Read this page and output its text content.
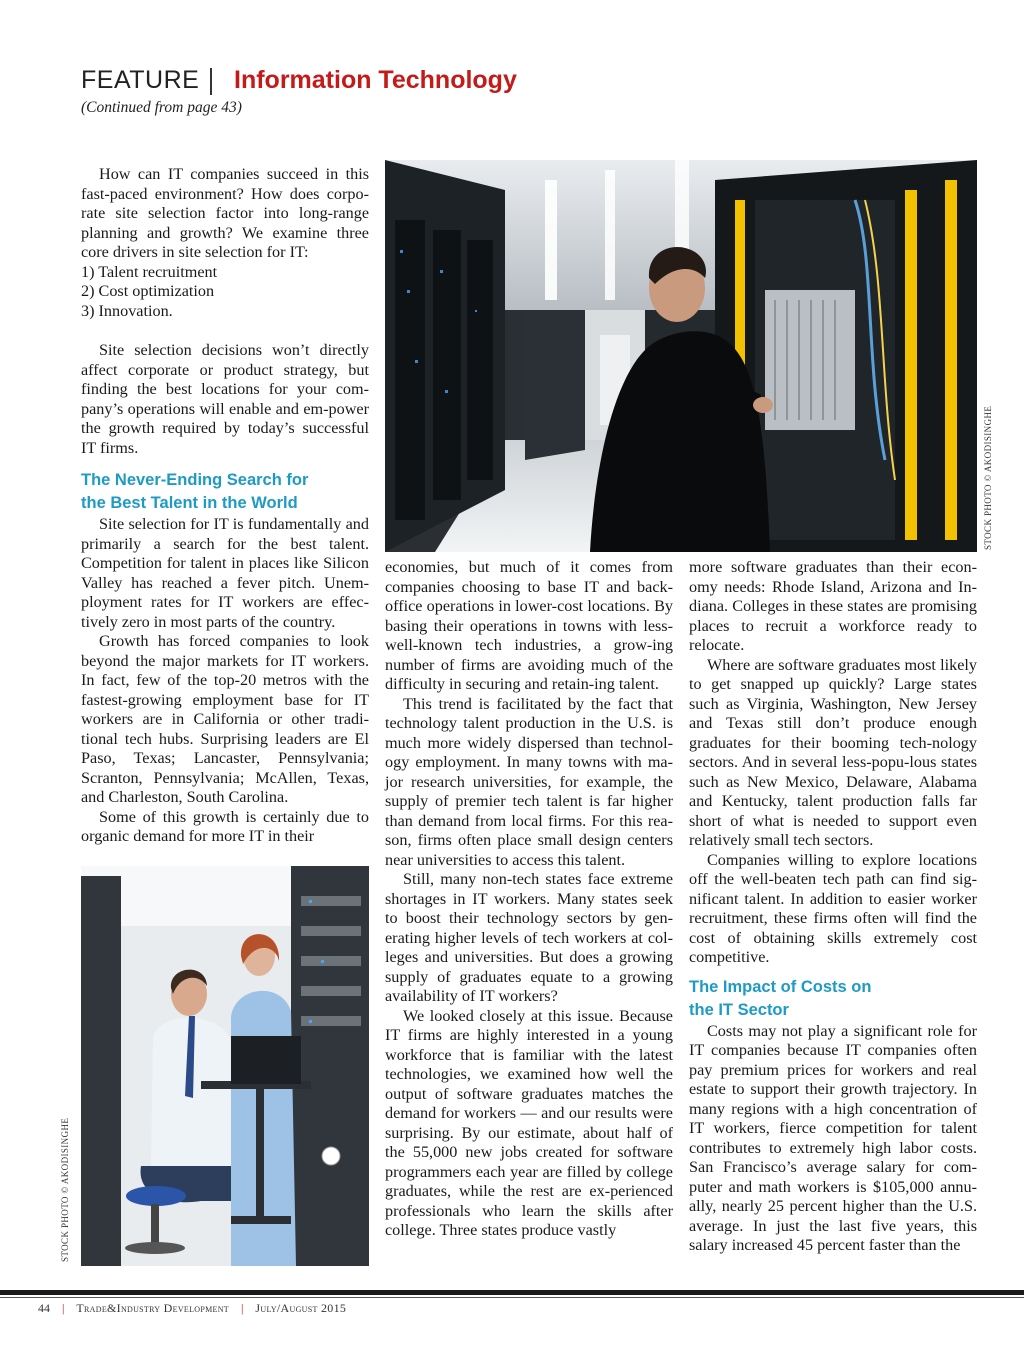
FEATURE Information Technology
(Continued from page 43)
STOCK PHOTO © AKODISINGHE
STOCK PHOTO © AKODISINGHE

How can IT companies succeed in this fast-paced environment? How does corpo-rate site selection factor into long-range planning and growth? We examine three core drivers in site selection for IT:

1) Talent recruitment

2) Cost optimization

3) Innovation.

Site selection decisions won’t directly affect corporate or product strategy, but finding the best locations for your com-pany’s operations will enable and em-power the growth required by today’s successful IT firms.

The Never-Ending Search for
the Best Talent in the World

Site selection for IT is fundamentally and primarily a search for the best talent. Competition for talent in places like Silicon Valley has reached a fever pitch. Unem-ployment rates for IT workers are effec-tively zero in most parts of the country.

Growth has forced companies to look beyond the major markets for IT workers. In fact, few of the top-20 metros with the fastest-growing employment base for IT workers are in California or other tradi-tional tech hubs. Surprising leaders are El Paso, Texas; Lancaster, Pennsylvania; Scranton, Pennsylvania; McAllen, Texas, and Charleston, South Carolina.

Some of this growth is certainly due to organic demand for more IT in their

economies, but much of it comes from companies choosing to base IT and back-office operations in lower-cost locations. By basing their operations in towns with less-well-known tech industries, a grow-ing number of firms are avoiding much of the difficulty in securing and retain-ing talent.

This trend is facilitated by the fact that technology talent production in the U.S. is much more widely dispersed than technol-ogy employment. In many towns with ma-jor research universities, for example, the supply of premier tech talent is far higher than demand from local firms. For this rea-son, firms often place small design centers near universities to access this talent.

Still, many non-tech states face extreme shortages in IT workers. Many states seek to boost their technology sectors by gen-erating higher levels of tech workers at col-leges and universities. But does a growing supply of graduates equate to a growing availability of IT workers?

We looked closely at this issue. Because IT firms are highly interested in a young workforce that is familiar with the latest technologies, we examined how well the output of software graduates matches the demand for workers — and our results were surprising. By our estimate, about half of the 55,000 new jobs created for software programmers each year are filled by college graduates, while the rest are ex-perienced professionals who learn the skills after college. Three states produce vastly

more software graduates than their econ-omy needs: Rhode Island, Arizona and In-diana. Colleges in these states are promising places to recruit a workforce ready to relocate.

Where are software graduates most likely to get snapped up quickly? Large states such as Virginia, Washington, New Jersey and Texas still don’t produce enough graduates for their booming tech-nology sectors. And in several less-popu-lous states such as New Mexico, Delaware, Alabama and Kentucky, talent production falls far short of what is needed to support even relatively small tech sectors.

Companies willing to explore locations off the well-beaten tech path can find sig-nificant talent. In addition to easier worker recruitment, these firms often will find the cost of obtaining skills extremely cost competitive.

The Impact of Costs on
the IT Sector

Costs may not play a significant role for IT companies because IT companies often pay premium prices for workers and real estate to support their growth trajectory. In many regions with a high concentration of IT workers, fierce competition for talent contributes to extremely high labor costs. San Francisco’s average salary for com-puter and math workers is $105,000 annu-ally, nearly 25 percent higher than the U.S. average. In just the last five years, this salary increased 45 percent faster than the

44 | Trade&Industry Development | July/August 2015
